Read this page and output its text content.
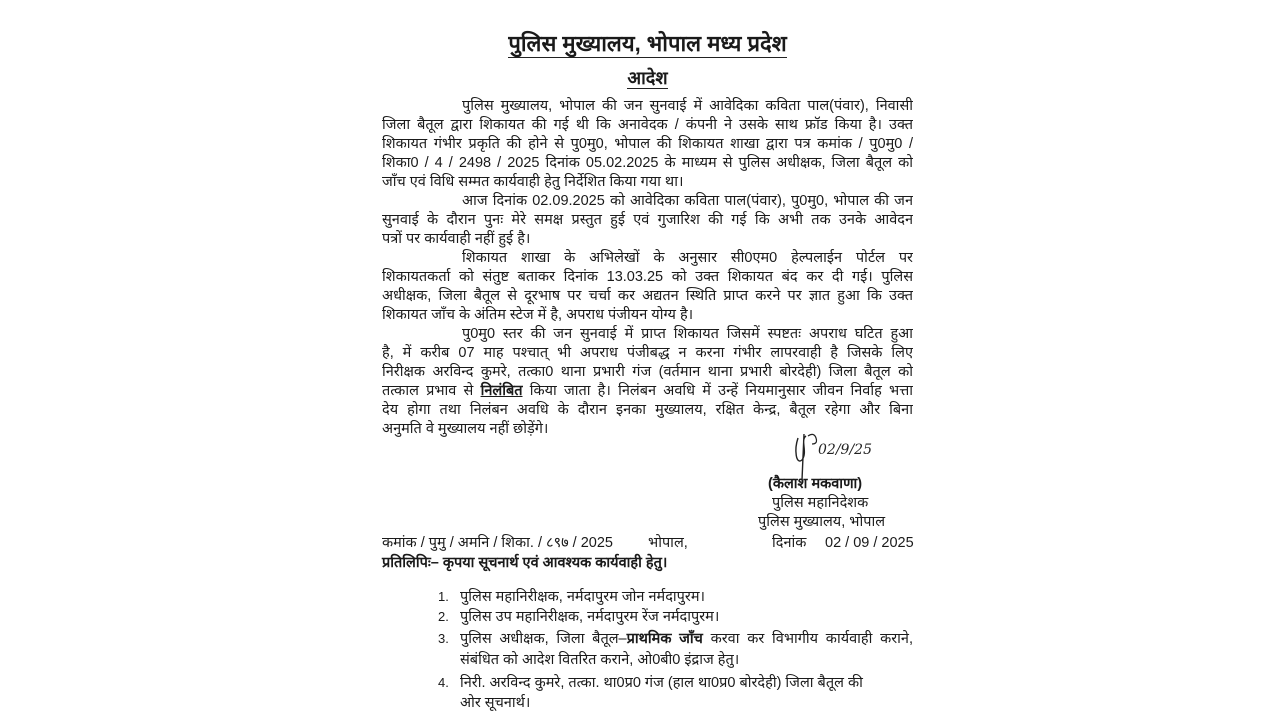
पुलिस मुख्यालय, भोपाल मध्य प्रदेश
आदेश
पुलिस मुख्यालय, भोपाल की जन सुनवाई में आवेदिका कविता पाल(पंवार), निवासी
जिला बैतूल द्वारा शिकायत की गई थी कि अनावेदक / कंपनी ने उसके साथ फ्रॉड किया है। उक्त
शिकायत गंभीर प्रकृति की होने से पु0मु0, भोपाल की शिकायत शाखा द्वारा पत्र कमांक / पु0मु0 /
शिका0 / 4 / 2498 / 2025 दिनांक 05.02.2025 के माध्यम से पुलिस अधीक्षक, जिला बैतूल को
जाँच एवं विधि सम्मत कार्यवाही हेतु निर्देशित किया गया था।
आज दिनांक 02.09.2025 को आवेदिका कविता पाल(पंवार), पु0मु0, भोपाल की जन
सुनवाई के दौरान पुनः मेरे समक्ष प्रस्तुत हुई एवं गुजारिश की गई कि अभी तक उनके आवेदन
पत्रों पर कार्यवाही नहीं हुई है।
शिकायत शाखा के अभिलेखों के अनुसार सी0एम0 हेल्पलाईन पोर्टल पर
शिकायतकर्ता को संतुष्ट बताकर दिनांक 13.03.25 को उक्त शिकायत बंद कर दी गई। पुलिस
अधीक्षक, जिला बैतूल से दूरभाष पर चर्चा कर अद्यतन स्थिति प्राप्त करने पर ज्ञात हुआ कि उक्त
शिकायत जाँच के अंतिम स्टेज में है, अपराध पंजीयन योग्य है।
पु0मु0 स्तर की जन सुनवाई में प्राप्त शिकायत जिसमें स्पष्टतः अपराध घटित हुआ
है, में करीब 07 माह पश्चात् भी अपराध पंजीबद्ध न करना गंभीर लापरवाही है जिसके लिए
निरीक्षक अरविन्द कुमरे, तत्का0 थाना प्रभारी गंज (वर्तमान थाना प्रभारी बोरदेही) जिला बैतूल को
तत्काल प्रभाव से निलंबित किया जाता है। निलंबन अवधि में उन्हें नियमानुसार जीवन निर्वाह भत्ता
देय होगा तथा निलंबन अवधि के दौरान इनका मुख्यालय, रक्षित केन्द्र, बैतूल रहेगा और बिना
अनुमति वे मुख्यालय नहीं छोड़ेंगे।
02/9/25
(कैलाश मकवाणा)
पुलिस महानिदेशक
पुलिस मुख्यालय, भोपाल
कमांक / पुमु / अमनि / शिका. / ८९७ / 2025 भोपाल,	दिनांक 02 / 09 / 2025
प्रतिलिपिः– कृपया सूचनार्थ एवं आवश्यक कार्यवाही हेतु।
1. पुलिस महानिरीक्षक, नर्मदापुरम जोन नर्मदापुरम।
2. पुलिस उप महानिरीक्षक, नर्मदापुरम रेंज नर्मदापुरम।
3. पुलिस अधीक्षक, जिला बैतूल–प्राथमिक जाँच करवा कर विभागीय कार्यवाही कराने,
संबंधित को आदेश वितरित कराने, ओ0बी0 इंद्राज हेतु।
4. निरी. अरविन्द कुमरे, तत्का. था0प्र0 गंज (हाल था0प्र0 बोरदेही) जिला बैतूल की
ओर सूचनार्थ।
